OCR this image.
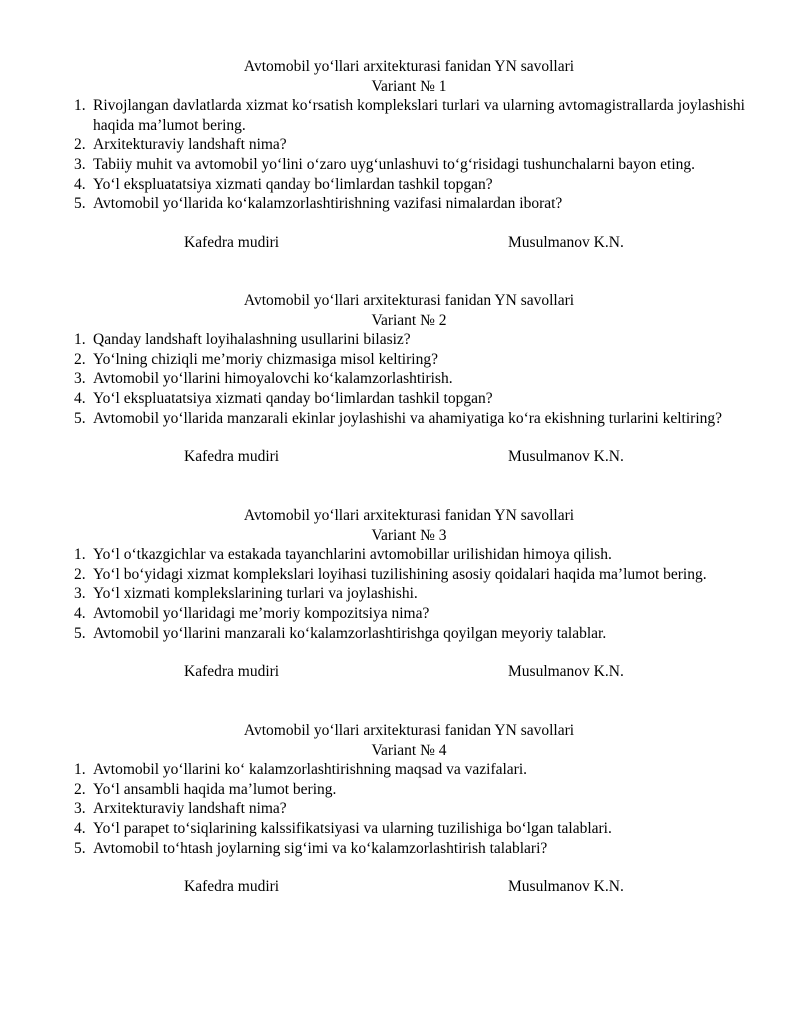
Avtomobil yo‘llari arxitekturasi fanidan YN savollari

Variant № 1

1. Rivojlangan davlatlarda xizmat ko‘rsatish komplekslari turlari va ularning avtomagistrallarda joylashishi haqida ma’lumot bering.
2. Arxitekturaviy landshaft nima?
3. Tabiiy muhit va avtomobil yo‘lini o‘zaro uyg‘unlashuvi to‘g‘risidagi tushunchalarni bayon eting.
4. Yo‘l ekspluatatsiya xizmati qanday bo‘limlardan tashkil topgan?
5. Avtomobil yo‘llarida ko‘kalamzorlashtirishning vazifasi nimalardan iborat?
Kafedra mudiri	Musulmanov K.N.

Avtomobil yo‘llari arxitekturasi fanidan YN savollari

Variant № 2

1. Qanday landshaft loyihalashning usullarini bilasiz?
2. Yo‘lning chiziqli me’moriy chizmasiga misol keltiring?
3. Avtomobil yo‘llarini himoyalovchi ko‘kalamzorlashtirish.
4. Yo‘l ekspluatatsiya xizmati qanday bo‘limlardan tashkil topgan?
5. Avtomobil yo‘llarida manzarali ekinlar joylashishi va ahamiyatiga ko‘ra ekishning turlarini keltiring?
Kafedra mudiri	Musulmanov K.N.

Avtomobil yo‘llari arxitekturasi fanidan YN savollari

Variant № 3

1. Yo‘l o‘tkazgichlar va estakada tayanchlarini avtomobillar urilishidan himoya qilish.
2. Yo‘l bo‘yidagi xizmat komplekslari loyihasi tuzilishining asosiy qoidalari haqida ma’lumot bering.
3. Yo‘l xizmati komplekslarining turlari va joylashishi.
4. Avtomobil yo‘llaridagi me’moriy kompozitsiya nima?
5. Avtomobil yo‘llarini manzarali ko‘kalamzorlashtirishga qoyilgan meyoriy talablar.
Kafedra mudiri	Musulmanov K.N.

Avtomobil yo‘llari arxitekturasi fanidan YN savollari

Variant № 4

1. Avtomobil yo‘llarini ko‘ kalamzorlashtirishning maqsad va vazifalari.
2. Yo‘l ansambli haqida ma’lumot bering.
3. Arxitekturaviy landshaft nima?
4. Yo‘l parapet to‘siqlarining kalssifikatsiyasi va ularning tuzilishiga bo‘lgan talablari.
5. Avtomobil to‘htash joylarning sig‘imi va ko‘kalamzorlashtirish talablari?
Kafedra mudiri	Musulmanov K.N.
